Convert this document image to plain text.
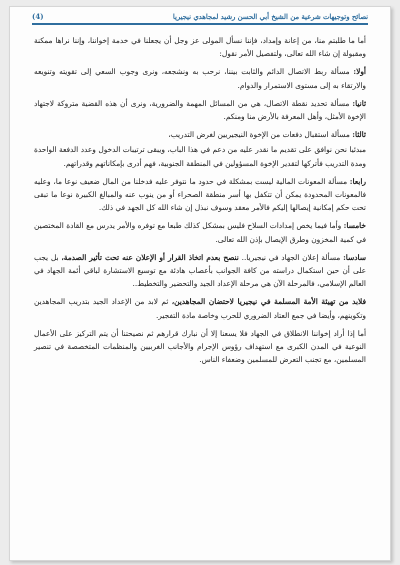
نصائح وتوجيهات شرعية من الشيخ أبي الحسن رشيد لمجاهدي نيجيريا
(4)

أما ما طلبتم منا، من إعانة وإمداد، فإننا نسأل المولى عز وجل أن يجعلنا في خدمة إخواننا، وإننا نراها ممكنة ومقبولة إن شاء الله تعالى، ولتفصيل الأمر نقول:

أولا: مسألة ربط الاتصال الدائم والثابت بيننا، نرحب به ونشجعه، ونرى وجوب السعي إلى تقويته وتنويعه والارتقاء به إلى مستوى الاستمرار والدوام.

ثانيا: مسألة تحديد نقطة الاتصال، هي من المسائل المهمة والضرورية، ونرى أن هذه القضية متروكة لاجتهاد الإخوة الأمثل، وأهل المعرفة بالأرض منا ومنكم.

ثالثا: مسألة استقبال دفعات من الإخوة النيجيريين لغرض التدريب،

مبدئيا نحن نوافق على تقديم ما نقدر عليه من دعم في هذا الباب، ويبقى ترتيبات الدخول وعدد الدفعة الواحدة ومدة التدريب فأتركها لتقدير الإخوة المسؤولين في المنطقة الجنوبية، فهم أدرى بإمكاناتهم وقدراتهم.

رابعا: مسألة المعونات المالية ليست بمشكلة في حدود ما نتوفر عليه فدخلنا من المال ضعيف نوعا ما، وعليه فالمعونات المحدودة يمكن أن تتكفل بها أسر منطقة الصحراء أو من ينوب عنه والمبالغ الكبيرة نوعا ما تبقى تحت حكم إمكانية إيصالها إليكم فالأمر معقد وسوف نبذل إن شاء الله كل الجهد في ذلك.

خامسا: وأما فيما يخص إمدادات السلاح فليس بمشكل كذلك طبعا مع توفره والأمر يدرس مع القادة المختصين في كمية المخزون وطرق الإيصال بإذن الله تعالى.

سادسا: مسألة إعلان الجهاد في نيجيريا.. ننصح بعدم اتخاذ القرار أو الإعلان عنه تحت تأثير الصدمة، بل يجب على أن حين استكمال دراسته من كافة الجوانب بأعصاب هادئة مع توسيع الاستشارة لباقي أئمة الجهاد في العالم الإسلامي، فالمرحلة الآن هي مرحلة الإعداد الجيد والتحضير والتخطيط..

فلابد من تهيئة الأمة المسلمة في نيجيريا لاحتضان المجاهدين، ثم لابد من الإعداد الجيد بتدريب المجاهدين وتكوينهم، وأيضا في جمع العتاد الضروري للحرب وخاصة مادة التفجير.

أما إذا أراد إخواننا الانطلاق في الجهاد فلا يسعنا إلا أن نبارك قرارهم ثم نصيحتنا أن يتم التركيز على الأعمال النوعية في المدن الكبرى مع استهداف رؤوس الإجرام والأجانب الغربيين والمنظمات المتخصصة في تنصير المسلمين، مع تجنب التعرض للمسلمين وضعفاء الناس.
